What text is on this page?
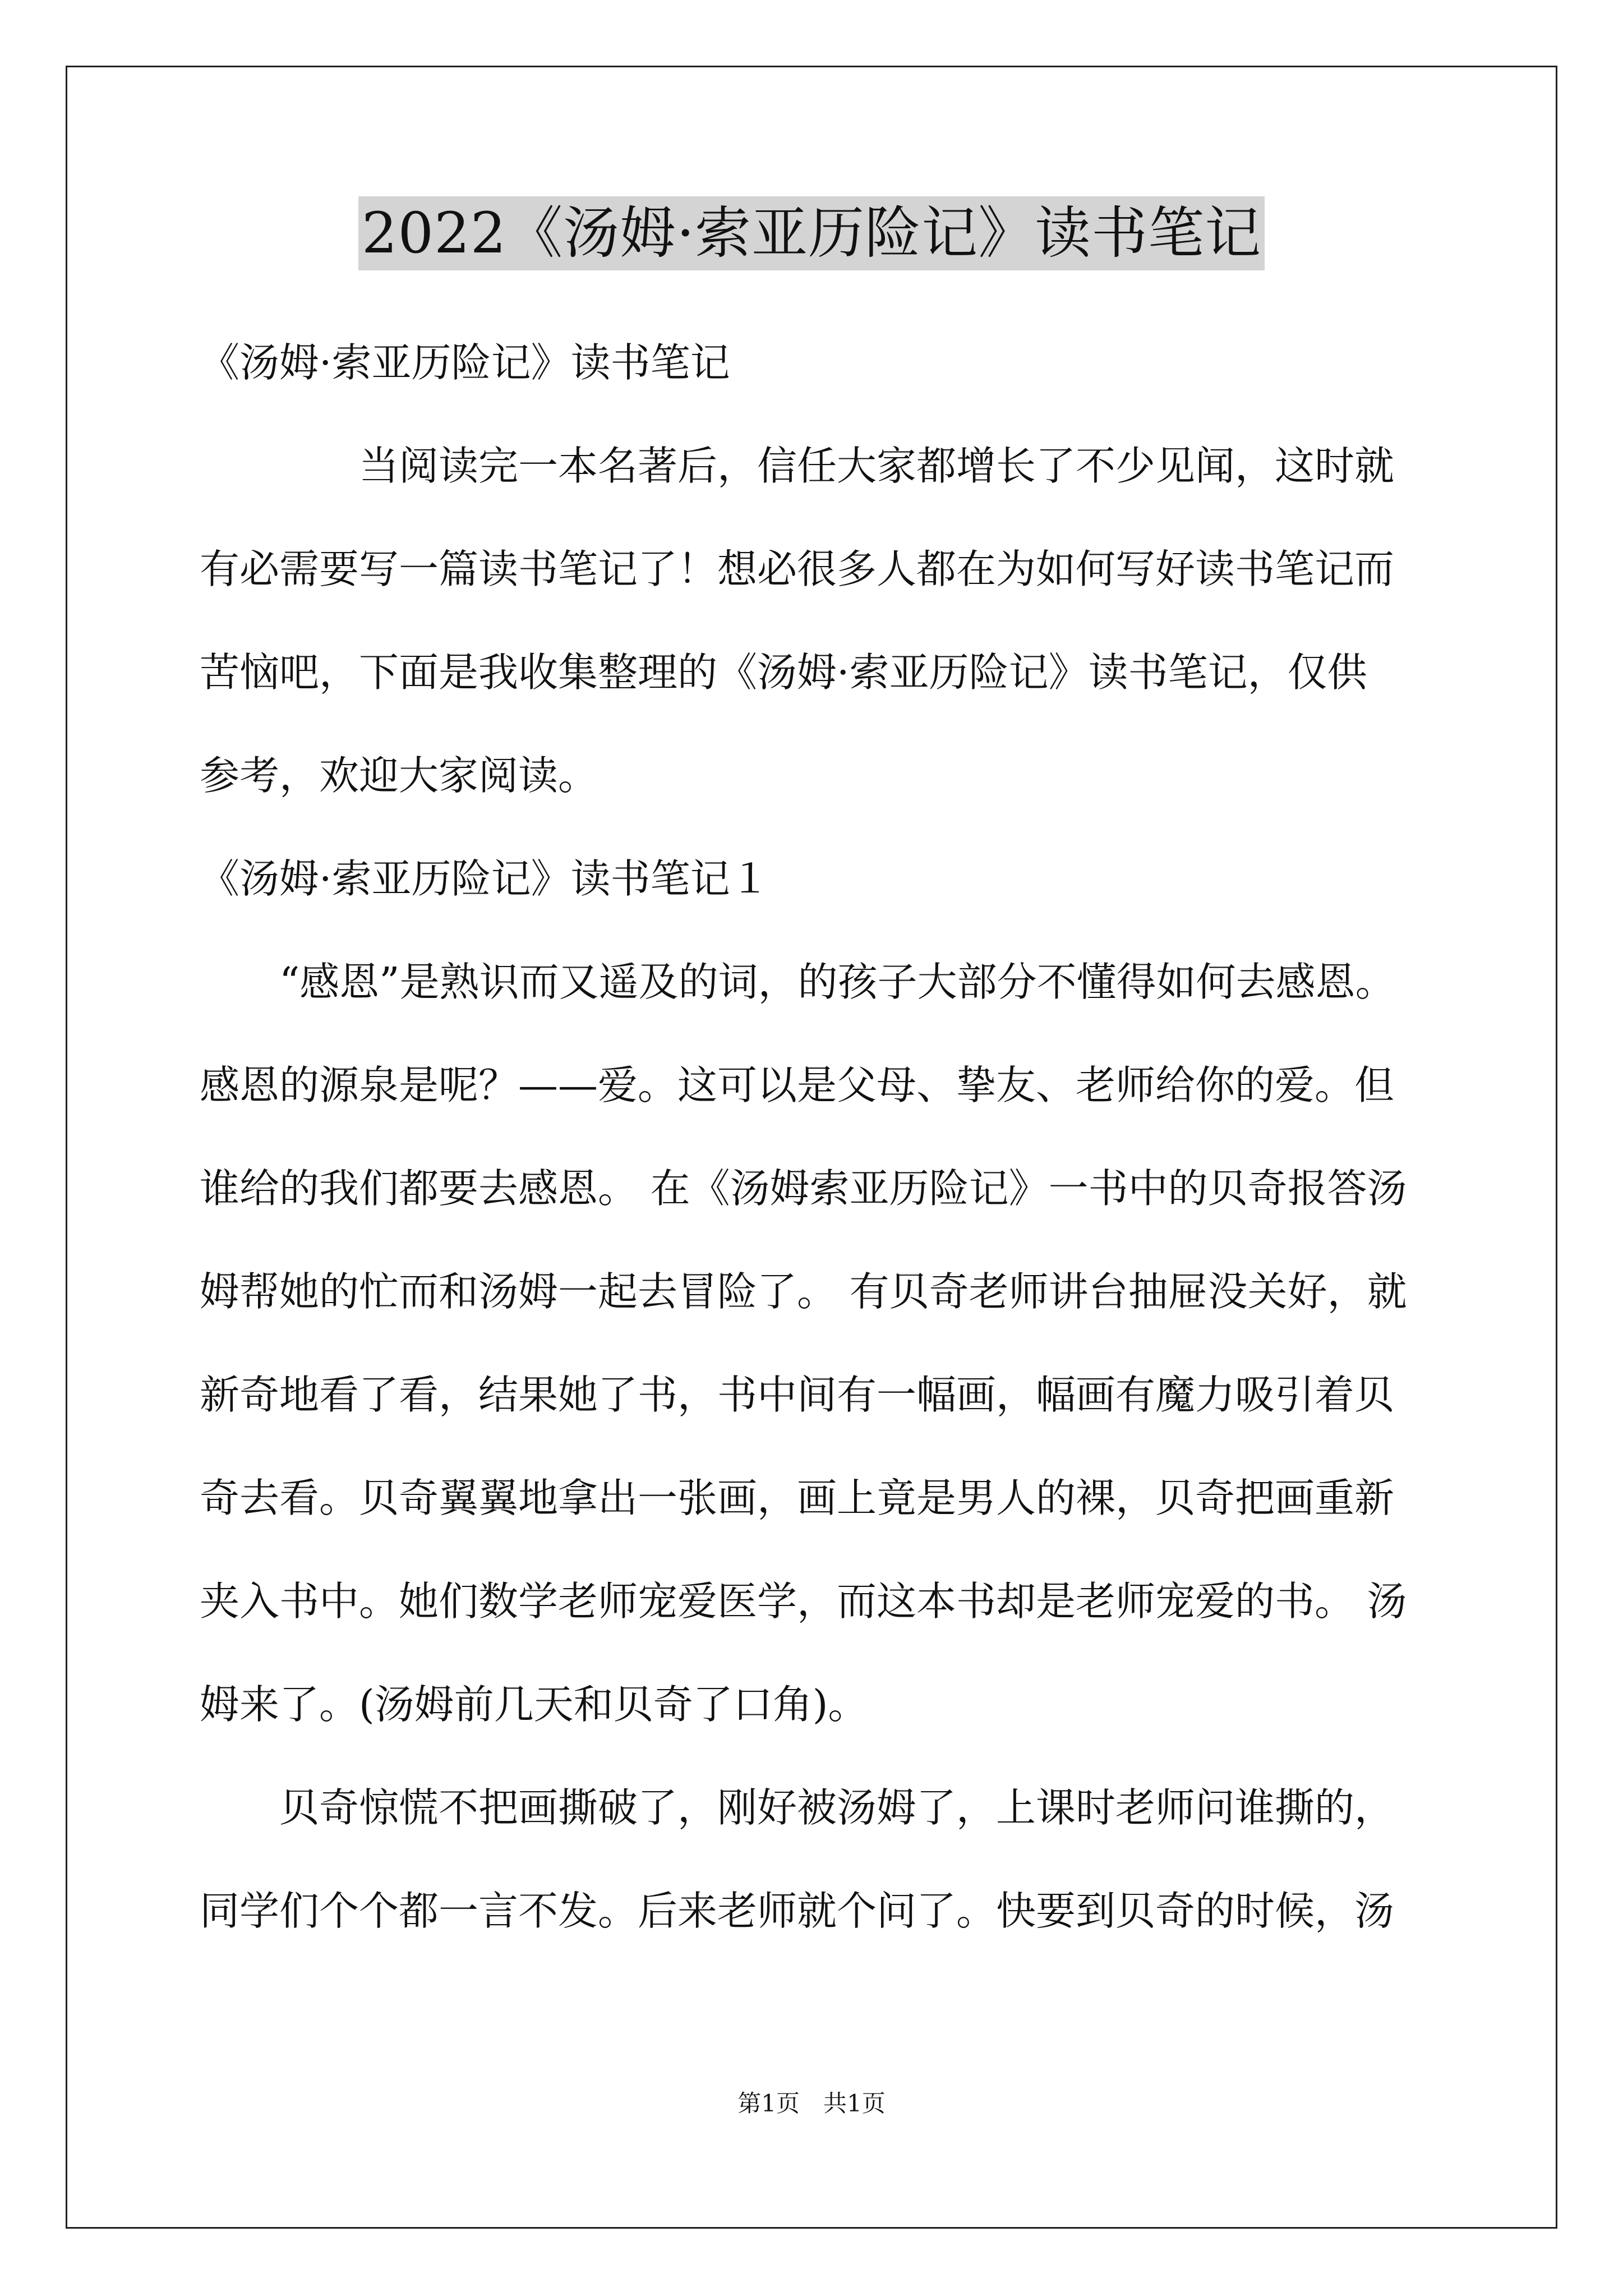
2022《汤姆·索亚历险记》读书笔记
《汤姆·索亚历险记》读书笔记
　　　　当阅读完一本名著后，信任大家都增长了不少见闻，这时就
有必需要写一篇读书笔记了！想必很多人都在为如何写好读书笔记而
苦恼吧，下面是我收集整理的《汤姆·索亚历险记》读书笔记，仅供
参考，欢迎大家阅读。
《汤姆·索亚历险记》读书笔记１
　　“感恩”是熟识而又遥及的词，的孩子大部分不懂得如何去感恩。
感恩的源泉是呢？——爱。这可以是父母、挚友、老师给你的爱。但
谁给的我们都要去感恩。 在《汤姆索亚历险记》一书中的贝奇报答汤
姆帮她的忙而和汤姆一起去冒险了。 有贝奇老师讲台抽屉没关好，就
新奇地看了看，结果她了书，书中间有一幅画，幅画有魔力吸引着贝
奇去看。贝奇翼翼地拿出一张画，画上竟是男人的裸，贝奇把画重新
夹入书中。她们数学老师宠爱医学，而这本书却是老师宠爱的书。 汤
姆来了。(汤姆前几天和贝奇了口角)。
　　贝奇惊慌不把画撕破了，刚好被汤姆了，上课时老师问谁撕的，
同学们个个都一言不发。后来老师就个问了。快要到贝奇的时候，汤
第1页　共1页
